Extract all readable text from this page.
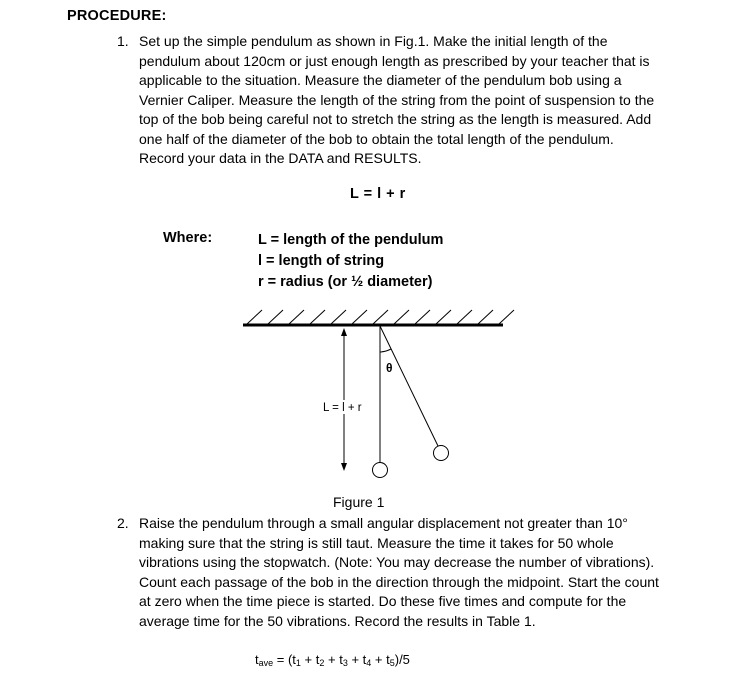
PROCEDURE:
1. Set up the simple pendulum as shown in Fig.1. Make the initial length of the
pendulum about 120cm or just enough length as prescribed by your teacher that is
applicable to the situation. Measure the diameter of the pendulum bob using a
Vernier Caliper. Measure the length of the string from the point of suspension to the
top of the bob being careful not to stretch the string as the length is measured. Add
one half of the diameter of the bob to obtain the total length of the pendulum.
Record your data in the DATA and RESULTS.
L = l + r
Where:	L = length of the pendulum
l = length of string
r = radius (or ½ diameter)
θ
L = l + r
Figure 1
2. Raise the pendulum through a small angular displacement not greater than 10°
making sure that the string is still taut. Measure the time it takes for 50 whole
vibrations using the stopwatch. (Note: You may decrease the number of vibrations).
Count each passage of the bob in the direction through the midpoint. Start the count
at zero when the time piece is started. Do these five times and compute for the
average time for the 50 vibrations. Record the results in Table 1.
$t_{ave} = (t_1 + t_2 + t_3 + t_4 + t_5)/5$
